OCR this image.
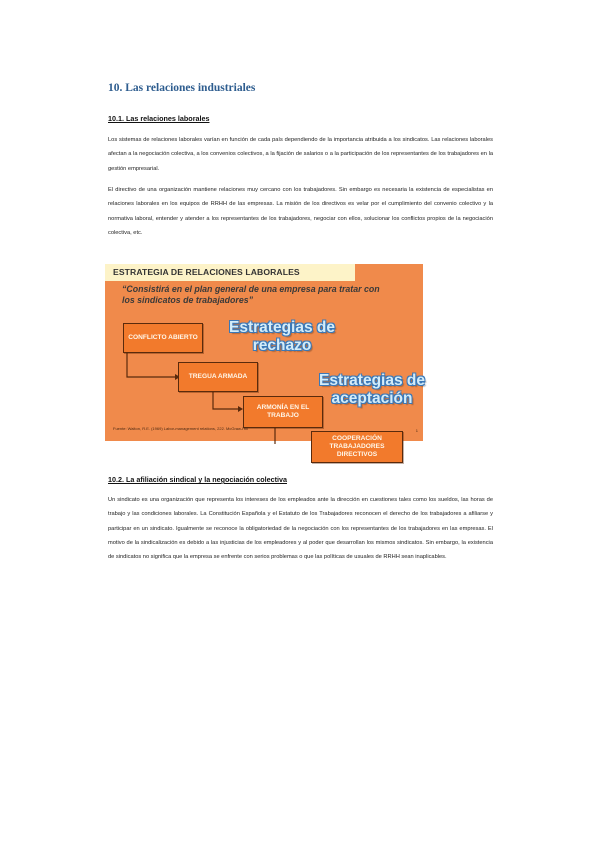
10. Las relaciones industriales
10.1. Las relaciones laborales

Los sistemas de relaciones laborales varían en función de cada país dependiendo de la importancia atribuida a los sindicatos. Las relaciones laborales afectan a la negociación colectiva, a los convenios colectivos, a la fijación de salarios o a la participación de los representantes de los trabajadores en la gestión empresarial.

El directivo de una organización mantiene relaciones muy cercano con los trabajadores. Sin embargo es necesaria la existencia de especialistas en relaciones laborales en los equipos de RRHH de las empresas. La misión de los directivos es velar por el cumplimiento del convenio colectivo y la normativa laboral, entender y atender a los representantes de los trabajadores, negociar con ellos, solucionar los conflictos propios de la negociación colectiva, etc.

ESTRATEGIA DE RELACIONES LABORALES
“Consistirá en el plan general de una empresa para tratar con los sindicatos de trabajadores”
CONFLICTO ABIERTO
TREGUA ARMADA
ARMONÍA EN EL TRABAJO
COOPERACIÓN TRABAJADORES DIRECTIVOS
Estrategias de rechazo
Estrategias de aceptación
Fuente: Walton, R.E. (1969) Labor-management relations, 222. McGraw-Hill	1
10.2. La afiliación sindical y la negociación colectiva

Un sindicato es una organización que representa los intereses de los empleados ante la dirección en cuestiones tales como los sueldos, las horas de trabajo y las condiciones laborales. La Constitución Española y el Estatuto de los Trabajadores reconocen el derecho de los trabajadores a afiliarse y participar en un sindicato. Igualmente se reconoce la obligatoriedad de la negociación con los representantes de los trabajadores en las empresas. El motivo de la sindicalización es debido a las injusticias de los empleadores y al poder que desarrollan los mismos sindicatos. Sin embargo, la existencia de sindicatos no significa que la empresa se enfrente con serios problemas o que las políticas de usuales de RRHH sean inaplicables.
